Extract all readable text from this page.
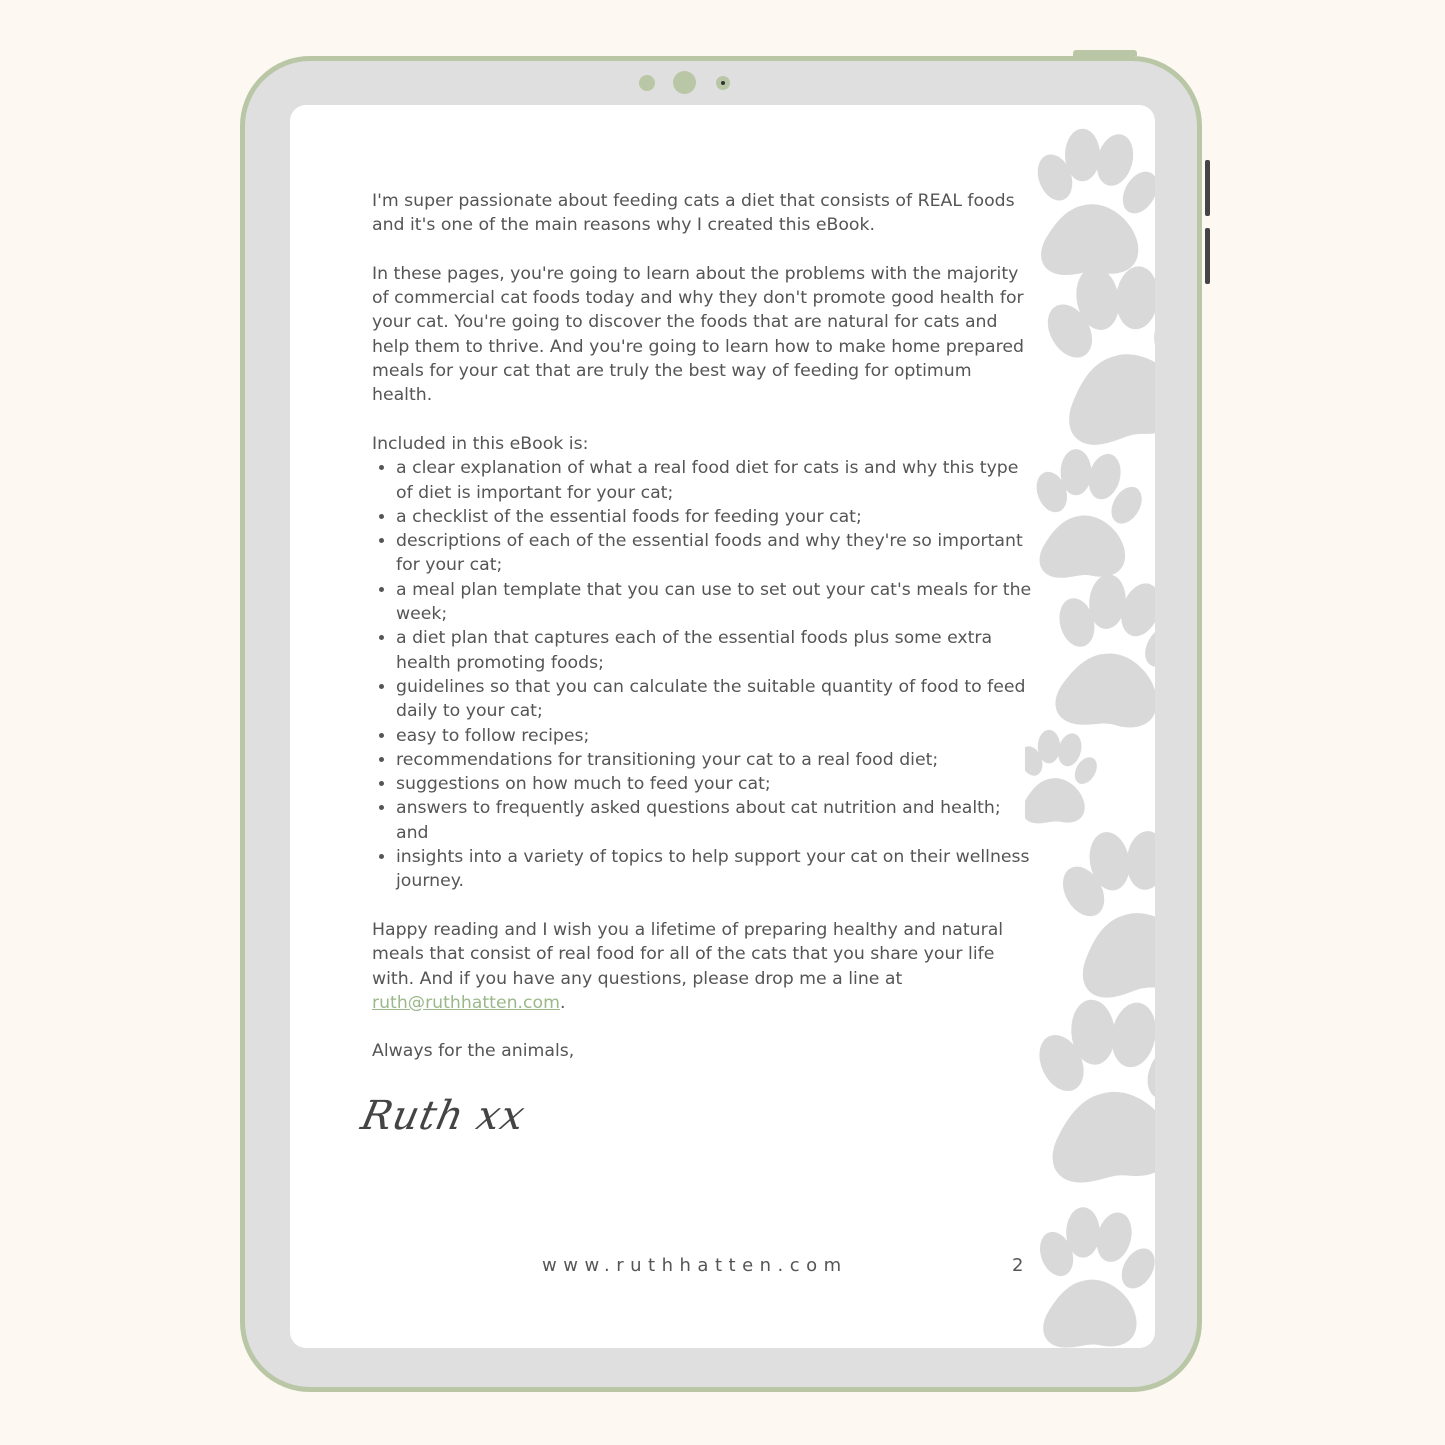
I'm super passionate about feeding cats a diet that consists of REAL foods and it's one of the main reasons why I created this eBook.

In these pages, you're going to learn about the problems with the majority of commercial cat foods today and why they don't promote good health for your cat. You're going to discover the foods that are natural for cats and help them to thrive. And you're going to learn how to make home prepared meals for your cat that are truly the best way of feeding for optimum health.

Included in this eBook is:
• a clear explanation of what a real food diet for cats is and why this type of diet is important for your cat;
• a checklist of the essential foods for feeding your cat;
• descriptions of each of the essential foods and why they're so important for your cat;
• a meal plan template that you can use to set out your cat's meals for the week;
• a diet plan that captures each of the essential foods plus some extra health promoting foods;
• guidelines so that you can calculate the suitable quantity of food to feed daily to your cat;
• easy to follow recipes;
• recommendations for transitioning your cat to a real food diet;
• suggestions on how much to feed your cat;
• answers to frequently asked questions about cat nutrition and health; and
• insights into a variety of topics to help support your cat on their wellness journey.

Happy reading and I wish you a lifetime of preparing healthy and natural meals that consist of real food for all of the cats that you share your life with. And if you have any questions, please drop me a line at ruth@ruthhatten.com.

Always for the animals,

Ruth xx
www.ruthhatten.com	2
